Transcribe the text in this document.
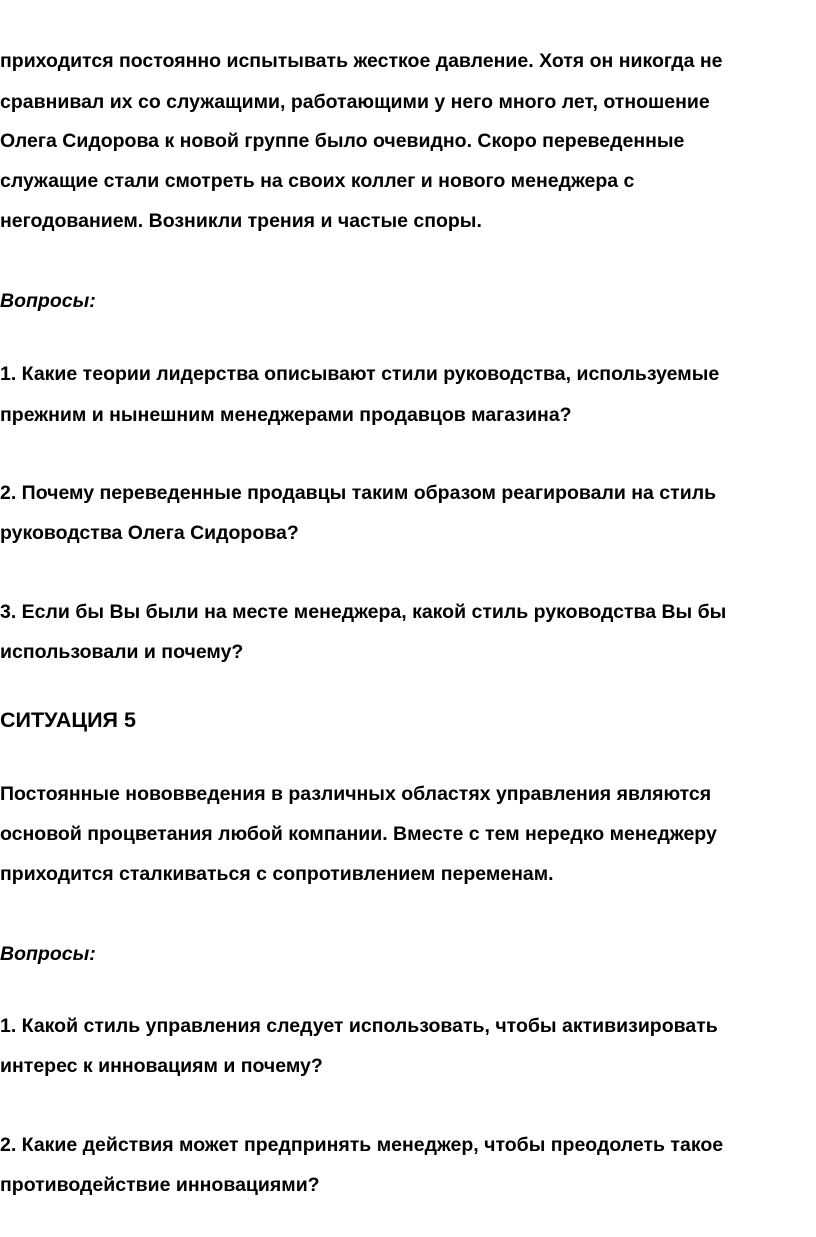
приходится постоянно испытывать жесткое давление. Хотя он никогда не
сравнивал их со служащими, работающими у него много лет, отношение
Олега Сидорова к новой группе было очевидно. Скоро переведенные
служащие стали смотреть на своих коллег и нового менеджера с
негодованием. Возникли трения и частые споры.
Вопросы:
1. Какие теории лидерства описывают стили руководства, используемые
прежним и нынешним менеджерами продавцов магазина?
2. Почему переведенные продавцы таким образом реагировали на стиль
руководства Олега Сидорова?
3. Если бы Вы были на месте менеджера, какой стиль руководства Вы бы
использовали и почему?
СИТУАЦИЯ 5
Постоянные нововведения в различных областях управления являются
основой процветания любой компании. Вместе с тем нередко менеджеру
приходится сталкиваться с сопротивлением переменам.
Вопросы:
1. Какой стиль управления следует использовать, чтобы активизировать
интерес к инновациям и почему?
2. Какие действия может предпринять менеджер, чтобы преодолеть такое
противодействие инновациями?
